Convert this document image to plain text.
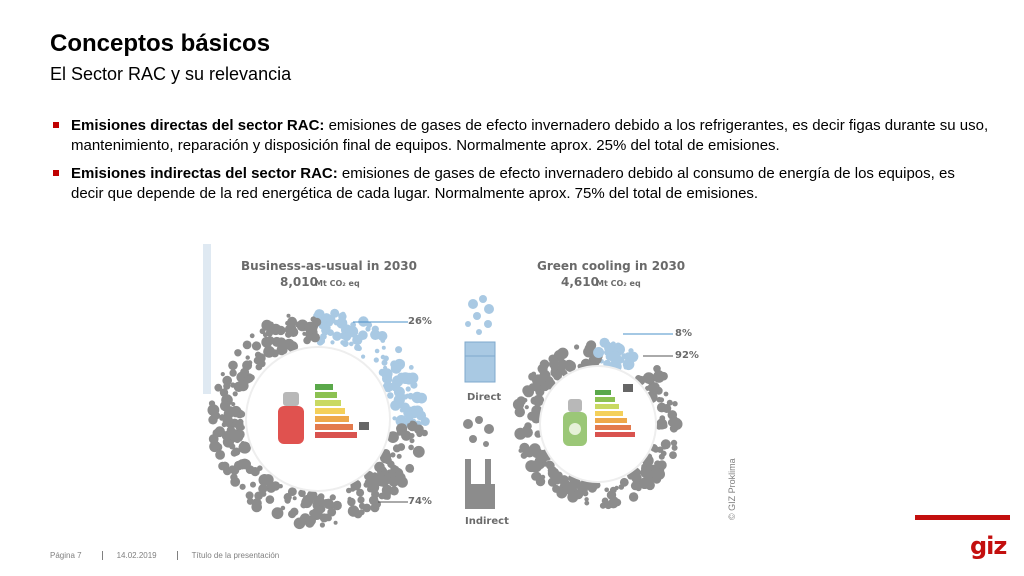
Conceptos básicos
El Sector RAC y su relevancia
Emisiones directas del sector RAC: emisiones de gases de efecto invernadero debido a los refrigerantes, es decir figas durante su uso, mantenimiento, reparación y disposición final de equipos. Normalmente aprox. 25% del total de emisiones.
Emisiones indirectas del sector RAC: emisiones de gases de efecto invernadero debido al consumo de energía de los equipos, es decir que depende de la red energética de cada lugar. Normalmente aprox. 75% del total de emisiones.
Business-as-usual in 2030
8,010
Mt CO₂ eq
26%
74%
Green cooling in 2030
4,610
Mt CO₂ eq
8%
92%
Direct
Indirect
© GIZ Proklima
giz
Página 7	14.02.2019	Título de la presentación
